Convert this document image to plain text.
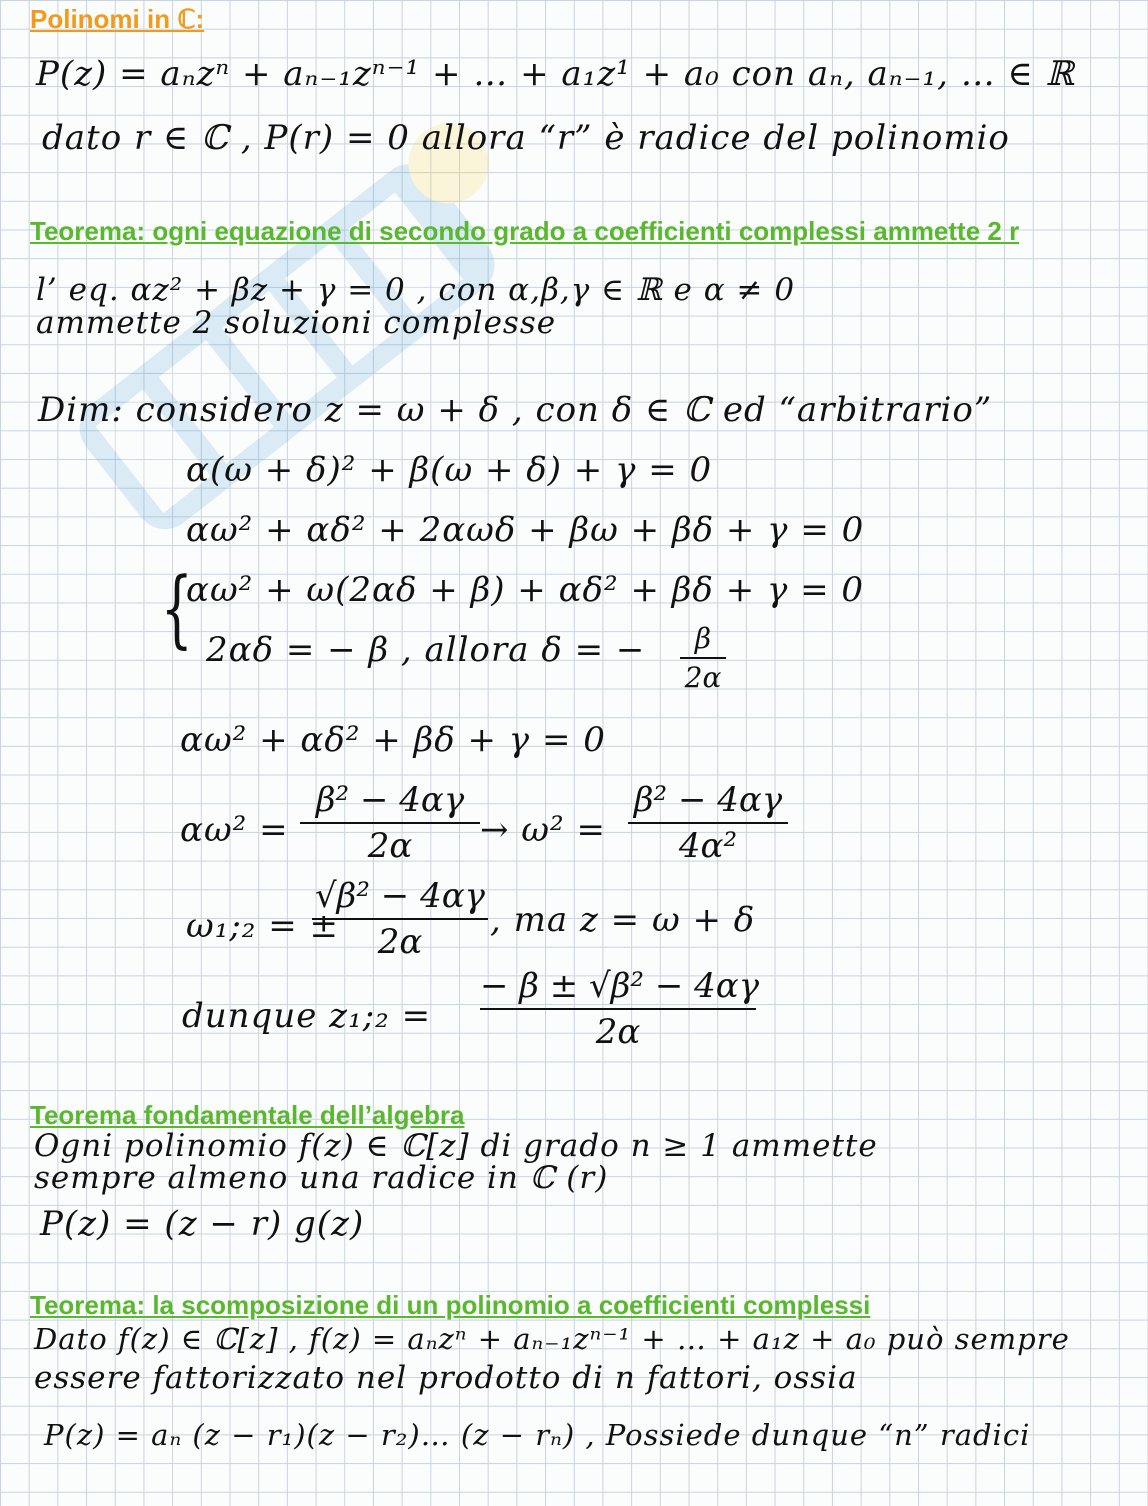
Polinomi in ℂ:
P(z) = aₙzⁿ + aₙ₋₁zⁿ⁻¹ + … + a₁z¹ + a₀ con aₙ, aₙ₋₁, … ∈ ℝ
dato r ∈ ℂ , P(r) = 0 allora “r” è radice del polinomio
Teorema: ogni equazione di secondo grado a coefficienti complessi ammette 2 r
l’ eq. αz² + βz + γ = 0 , con α,β,γ ∈ ℝ e α ≠ 0
ammette 2 soluzioni complesse
Dim: considero z = ω + δ , con δ ∈ ℂ ed “arbitrario”
α(ω + δ)² + β(ω + δ) + γ = 0
αω² + αδ² + 2αωδ + βω + βδ + γ = 0
{
αω² + ω(2αδ + β) + αδ² + βδ + γ = 0
2αδ = − β , allora δ = −	β
2α
αω² + αδ² + βδ + γ = 0
αω² =
β² − 4αγ
2α	→ ω² =
β² − 4αγ
4α²
ω₁;₂ = ±
√β² − 4αγ
2α
, ma z = ω + δ
dunque z₁;₂ =
− β ± √β² − 4αγ
2α
Teorema fondamentale dell’algebra
Ogni polinomio f(z) ∈ ℂ[z] di grado n ≥ 1 ammette
sempre almeno una radice in ℂ (r)
P(z) = (z − r) g(z)
Teorema: la scomposizione di un polinomio a coefficienti complessi
Dato f(z) ∈ ℂ[z] , f(z) = aₙzⁿ + aₙ₋₁zⁿ⁻¹ + … + a₁z + a₀ può sempre
essere fattorizzato nel prodotto di n fattori, ossia
P(z) = aₙ (z − r₁)(z − r₂)… (z − rₙ) , Possiede dunque “n” radici
